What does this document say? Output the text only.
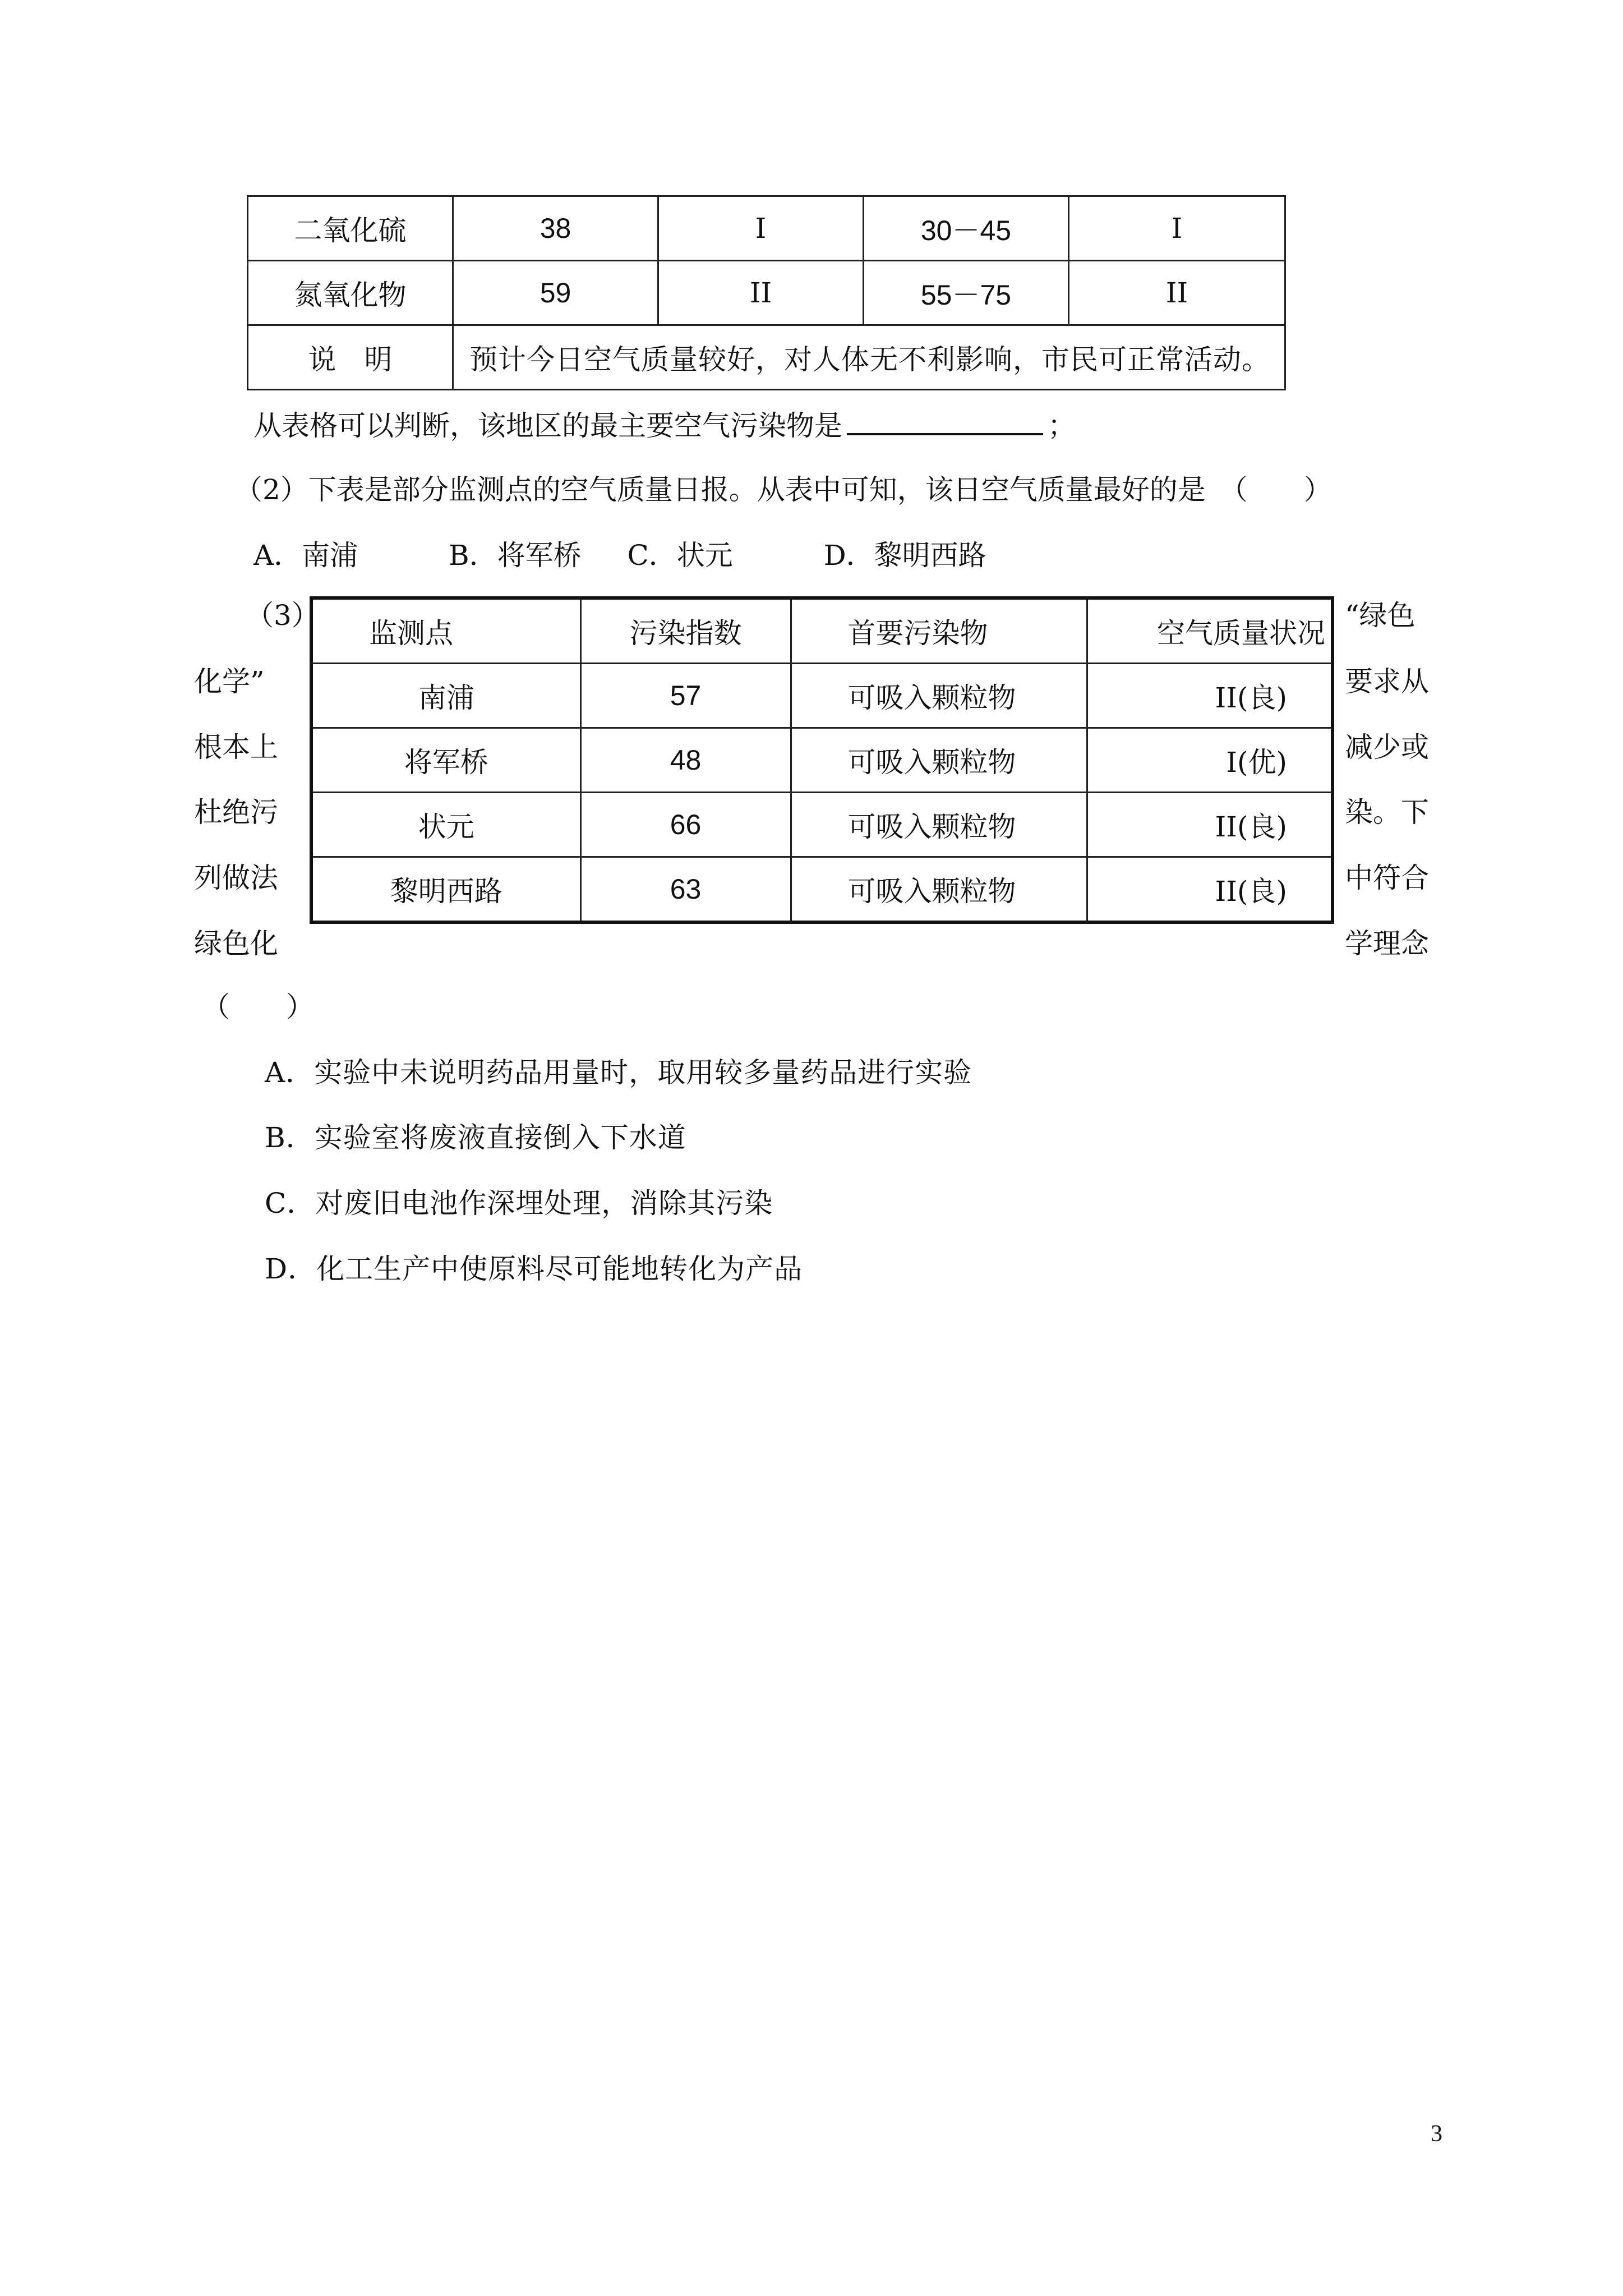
二氧化硫	38	I	30－45	I
氮氧化物	59	II	55－75	II
说　明	预计今日空气质量较好，对人体无不利影响，市民可正常活动。			
从表格可以判断，该地区的最主要空气污染物是	；
（2）下表是部分监测点的空气质量日报。从表中可知，该日空气质量最好的是　（　　）
A．南浦	B．将军桥 C．状元	D．黎明西路
（3）
化学”
根本上
杜绝污
列做法
绿色化
“绿色
要求从
减少或
染。下
中符合
学理念
监测点	污染指数	首要污染物	空气质量状况
南浦	57	可吸入颗粒物	II(良)
将军桥	48	可吸入颗粒物	I(优)
状元	66	可吸入颗粒物	II(良)
黎明西路	63	可吸入颗粒物	II(良)
（　　）
A．实验中未说明药品用量时，取用较多量药品进行实验
B．实验室将废液直接倒入下水道
C．对废旧电池作深埋处理，消除其污染
D．化工生产中使原料尽可能地转化为产品
3
